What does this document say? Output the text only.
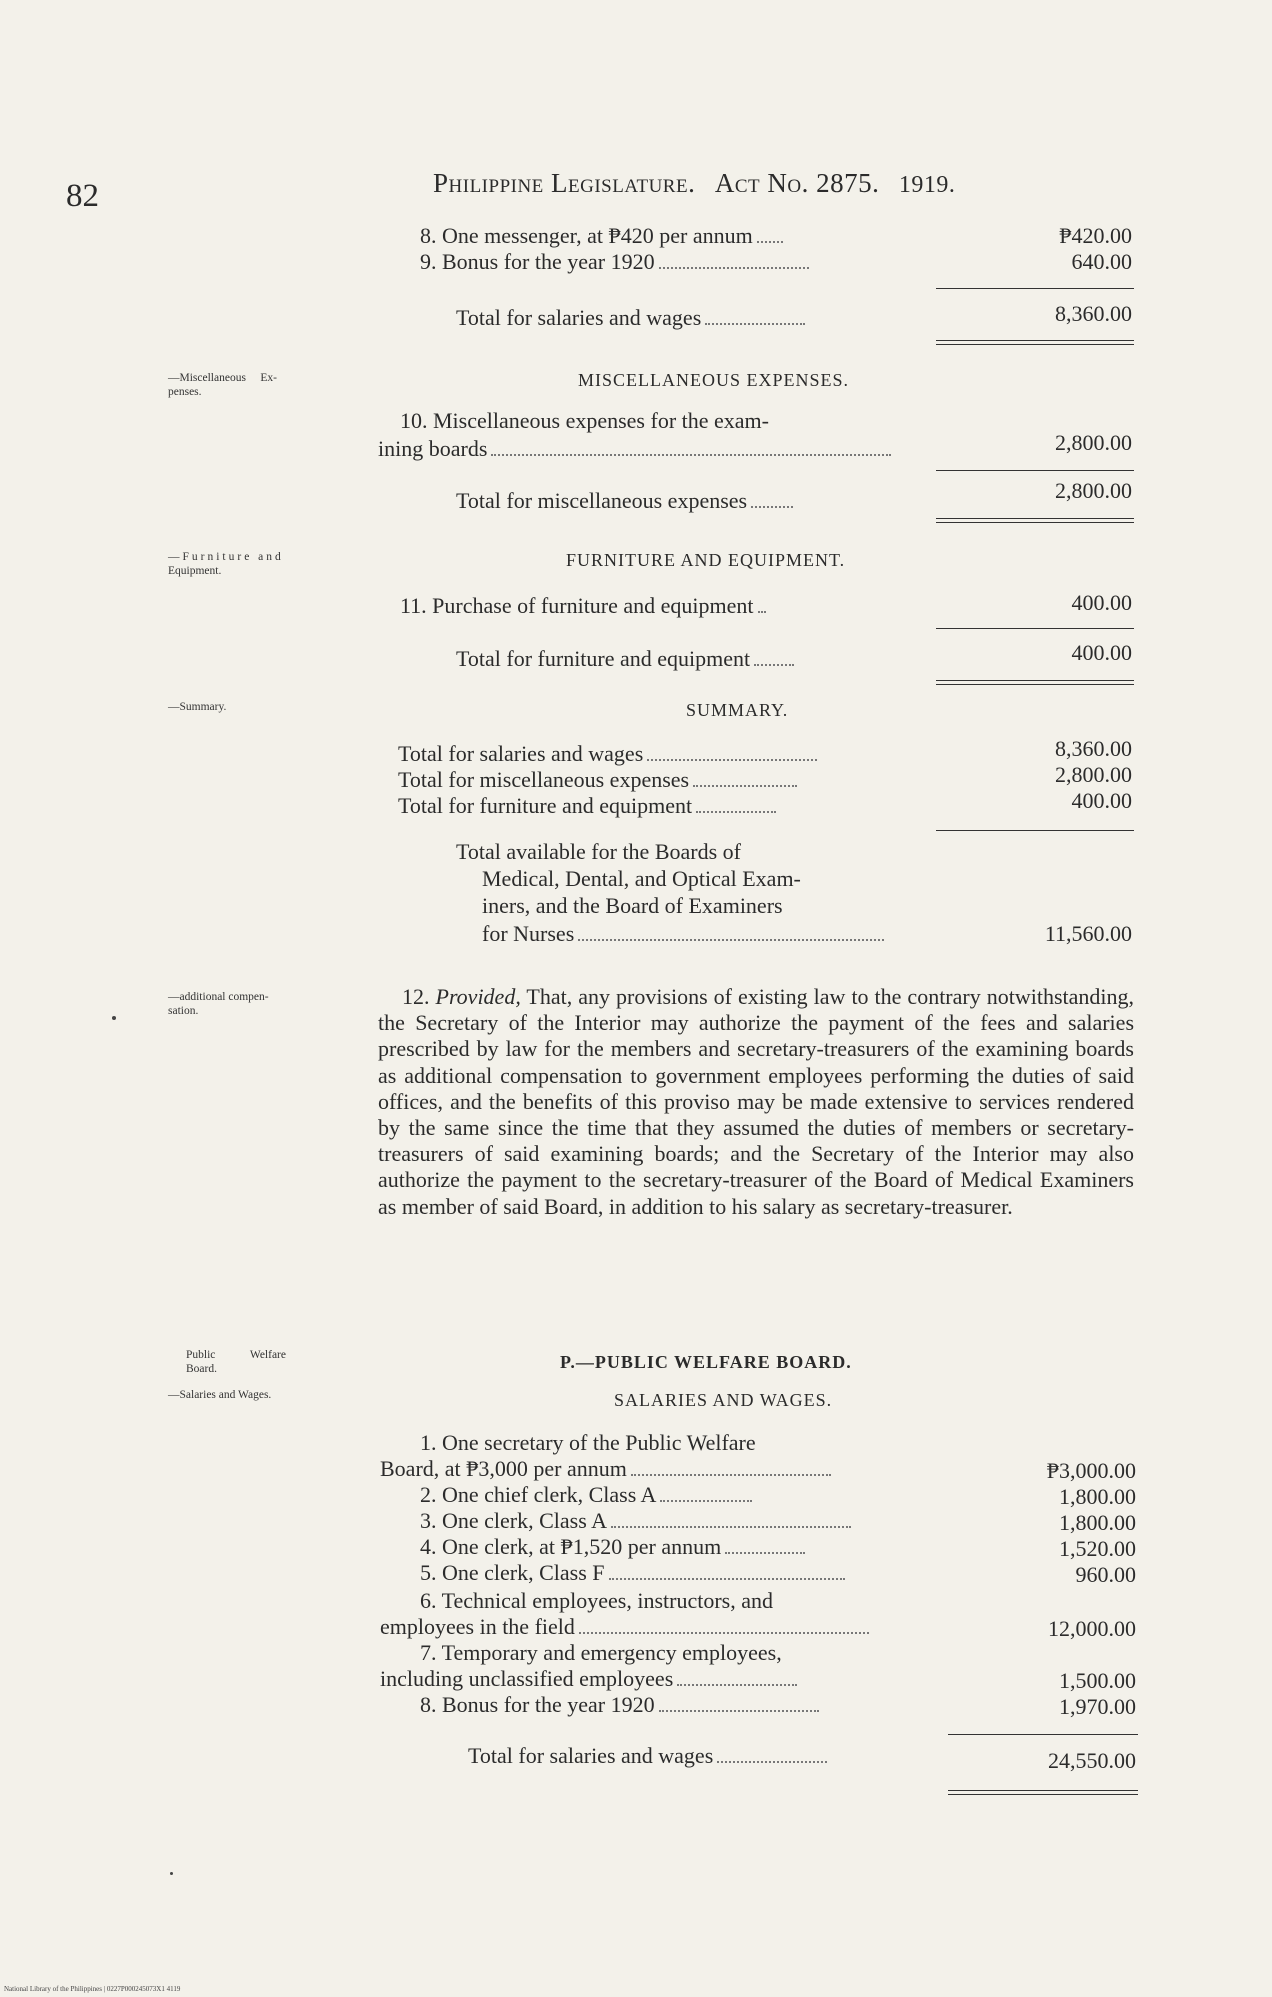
82	Philippine Legislature. Act No. 2875. 1919.
8. One messenger, at ₱420 per annum	₱420.00
9. Bonus for the year 1920	640.00
Total for salaries and wages	8,360.00
—Miscellaneous Ex-
penses.
MISCELLANEOUS EXPENSES.
10. Miscellaneous expenses for the exam-
ining boards	2,800.00
Total for miscellaneous expenses	2,800.00
—Furniture and
Equipment.
FURNITURE AND EQUIPMENT.
11. Purchase of furniture and equipment	400.00
Total for furniture and equipment	400.00
—Summary.	SUMMARY.
Total for salaries and wages	8,360.00
Total for miscellaneous expenses	2,800.00
Total for furniture and equipment	400.00
Total available for the Boards of
Medical, Dental, and Optical Exam-
iners, and the Board of Examiners
for Nurses	11,560.00
—additional compen-
sation.
12. Provided, That, any provisions of existing law to the contrary notwithstanding, the Secretary of the Interior may authorize the payment of the fees and salaries prescribed by law for the members and secretary-treasurers of the examining boards as additional compensation to government employees performing the duties of said offices, and the benefits of this proviso may be made extensive to services rendered by the same since the time that they assumed the duties of members or secretary-treasurers of said examining boards; and the Secretary of the Interior may also authorize the payment to the secretary-treasurer of the Board of Medical Examiners as member of said Board, in addition to his salary as secretary-treasurer.
Public	Welfare
Board.
—Salaries and Wages.
P.—PUBLIC WELFARE BOARD.
SALARIES AND WAGES.
1. One secretary of the Public Welfare
Board, at ₱3,000 per annum	₱3,000.00
2. One chief clerk, Class A	1,800.00
3. One clerk, Class A	1,800.00
4. One clerk, at ₱1,520 per annum	1,520.00
5. One clerk, Class F	960.00
6. Technical employees, instructors, and
employees in the field	12,000.00
7. Temporary and emergency employees,
including unclassified employees	1,500.00
8. Bonus for the year 1920	1,970.00
Total for salaries and wages	24,550.00
National Library of the Philippines | 0227P000245073X1 4119
